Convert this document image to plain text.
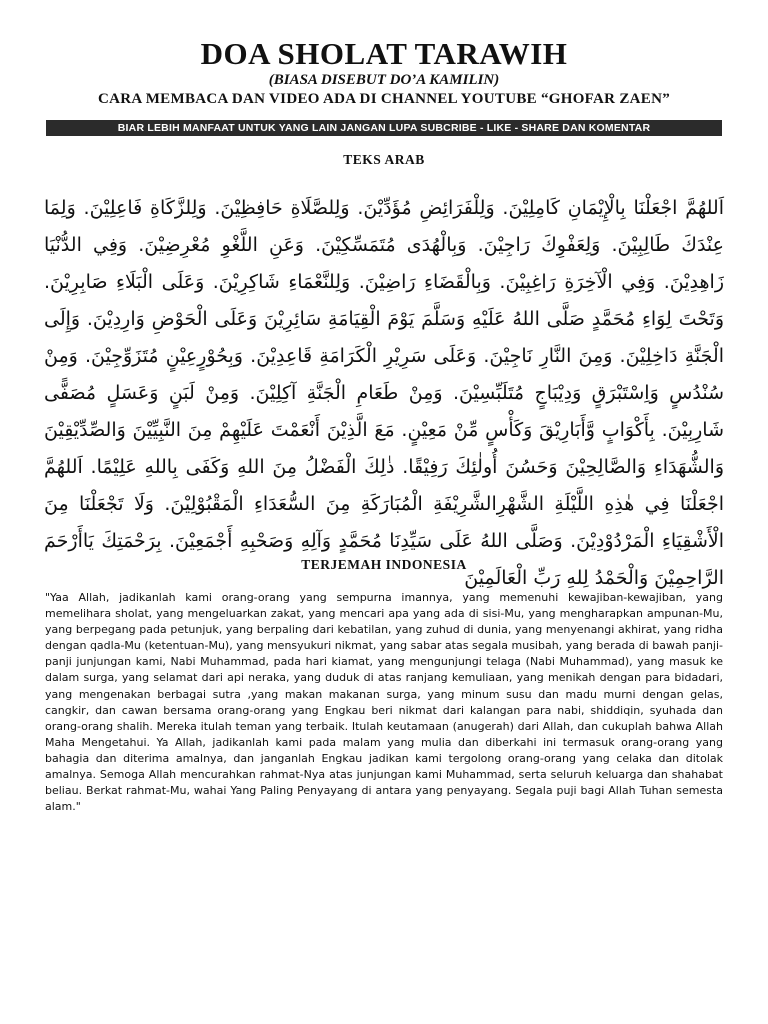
DOA SHOLAT TARAWIH
(BIASA DISEBUT DO’A KAMILIN)
CARA MEMBACA DAN VIDEO ADA DI CHANNEL YOUTUBE “GHOFAR ZAEN”
BIAR LEBIH MANFAAT UNTUK YANG LAIN JANGAN LUPA SUBCRIBE - LIKE - SHARE DAN KOMENTAR
TEKS ARAB
اَللهُمَّ اجْعَلْنَا بِالْإِيْمَانِ كَامِلِيْنَ. وَلِلْفَرَائِضِ مُؤَدِّيْنَ. وَلِلصَّلَاةِ حَافِظِيْنَ. وَلِلزَّكَاةِ فَاعِلِيْنَ. وَلِمَا عِنْدَكَ طَالِبِيْنَ. وَلِعَفْوِكَ رَاجِيْنَ. وَبِالْهُدَى مُتَمَسِّكِيْنَ. وَعَنِ اللَّغْوِ مُعْرِضِيْنَ. وَفِي الدُّنْيَا زَاهِدِيْنَ. وَفِي الْآخِرَةِ رَاغِبِيْنَ. وَبِالْقَضَاءِ رَاضِيْنَ. وَلِلنَّعْمَاءِ شَاكِرِيْنَ. وَعَلَى الْبَلَاءِ صَابِرِيْنَ. وَتَحْتَ لِوَاءِ مُحَمَّدٍ صَلَّى اللهُ عَلَيْهِ وَسَلَّمَ يَوْمَ الْقِيَامَةِ سَائِرِيْنَ وَعَلَى الْحَوْضِ وَارِدِيْنَ. وَإِلَى الْجَنَّةِ دَاخِلِيْنَ. وَمِنَ النَّارِ نَاجِيْنَ. وَعَلَى سَرِيْرِ الْكَرَامَةِ قَاعِدِيْنَ. وَبِحُوْرٍعِيْنٍ مُتَزَوِّجِيْنَ. وَمِنْ سُنْدُسٍ وَاِسْتَبْرَقٍ وَدِيْبَاجٍ مُتَلَبِّسِيْنَ. وَمِنْ طَعَامِ الْجَنَّةِ آكِلِيْنَ. وَمِنْ لَبَنٍ وَعَسَلٍ مُصَفًّى شَارِبِيْنَ. بِأَكْوَابٍ وَّأَبَارِيْقَ وَكَأْسٍ مِّنْ مَعِيْنٍ. مَعَ الَّذِيْنَ أَنْعَمْتَ عَلَيْهِمْ مِنَ النَّبِيِّيْنَ وَالصِّدِّيْقِيْنَ وَالشُّهَدَاءِ وَالصَّالِحِيْنَ وَحَسُنَ أُولٰئِكَ رَفِيْقًا. ذٰلِكَ الْفَضْلُ مِنَ اللهِ وَكَفَى بِاللهِ عَلِيْمًا. اَللهُمَّ اجْعَلْنَا فِي هٰذِهِ اللَّيْلَةِ الشَّهْرِالشَّرِيْفَةِ الْمُبَارَكَةِ مِنَ السُّعَدَاءِ الْمَقْبُوْلِيْنَ. وَلَا تَجْعَلْنَا مِنَ الْأَشْقِيَاءِ الْمَرْدُوْدِيْنَ. وَصَلَّى اللهُ عَلَى سَيِّدِنَا مُحَمَّدٍ وَآلِهِ وَصَحْبِهِ أَجْمَعِيْنَ. بِرَحْمَتِكَ يَاأَرْحَمَ الرَّاحِمِيْنَ وَالْحَمْدُ لِلهِ رَبِّ الْعَالَمِيْنَ
TERJEMAH INDONESIA
"Yaa Allah, jadikanlah kami orang-orang yang sempurna imannya, yang memenuhi kewajiban-kewajiban, yang memelihara sholat, yang mengeluarkan zakat, yang mencari apa yang ada di sisi-Mu, yang mengharapkan ampunan-Mu, yang berpegang pada petunjuk, yang berpaling dari kebatilan, yang zuhud di dunia, yang menyenangi akhirat, yang ridha dengan qadla-Mu (ketentuan-Mu), yang mensyukuri nikmat, yang sabar atas segala musibah, yang berada di bawah panji-panji junjungan kami, Nabi Muhammad, pada hari kiamat, yang mengunjungi telaga (Nabi Muhammad), yang masuk ke dalam surga, yang selamat dari api neraka, yang duduk di atas ranjang kemuliaan, yang menikah dengan para bidadari, yang mengenakan berbagai sutra ,yang makan makanan surga, yang minum susu dan madu murni dengan gelas, cangkir, dan cawan bersama orang-orang yang Engkau beri nikmat dari kalangan para nabi, shiddiqin, syuhada dan orang-orang shalih. Mereka itulah teman yang terbaik. Itulah keutamaan (anugerah) dari Allah, dan cukuplah bahwa Allah Maha Mengetahui. Ya Allah, jadikanlah kami pada malam yang mulia dan diberkahi ini termasuk orang-orang yang bahagia dan diterima amalnya, dan janganlah Engkau jadikan kami tergolong orang-orang yang celaka dan ditolak amalnya. Semoga Allah mencurahkan rahmat-Nya atas junjungan kami Muhammad, serta seluruh keluarga dan shahabat beliau. Berkat rahmat-Mu, wahai Yang Paling Penyayang di antara yang penyayang. Segala puji bagi Allah Tuhan semesta alam."
